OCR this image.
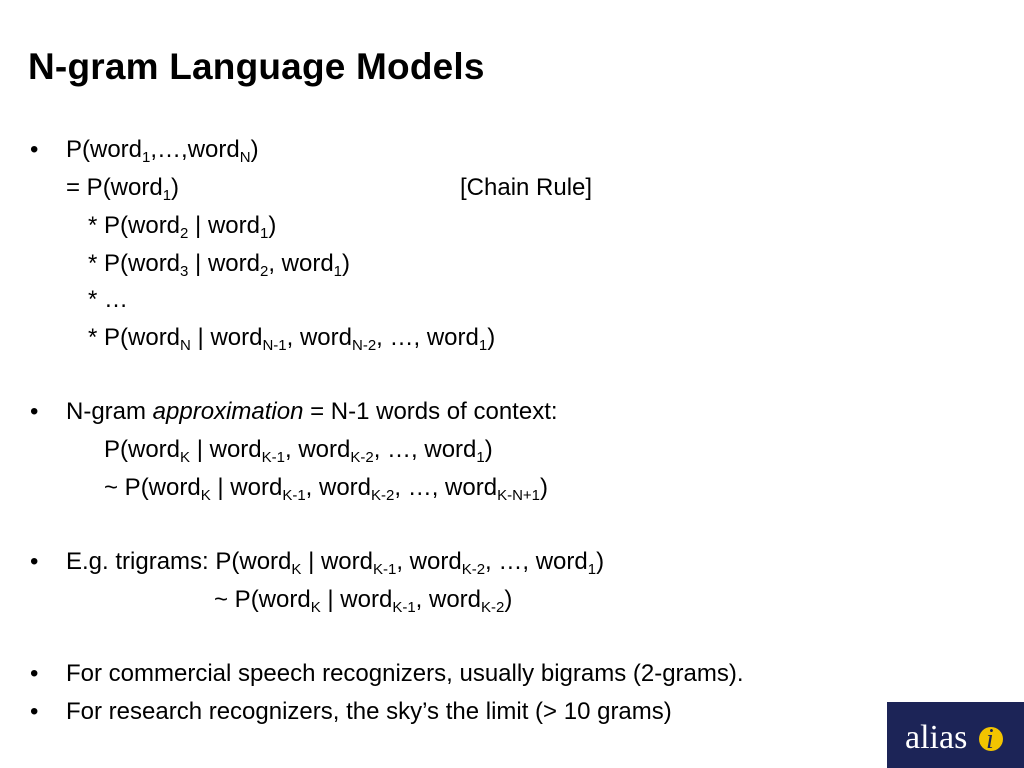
N-gram Language Models
• P(word$_1$,…,word$_N$)
= P(word$_1$)	[Chain Rule]
* P(word$_2$ | word$_1$)
* P(word$_3$ | word$_2$, word$_1$)
* …
* P(word$_N$ | word$_{N-1}$, word$_{N-2}$, …, word$_1$)
• N-gram approximation = N-1 words of context:
P(word$_K$ | word$_{K-1}$, word$_{K-2}$, …, word$_1$)
~ P(word$_K$ | word$_{K-1}$, word$_{K-2}$, …, word$_{K-N+1}$)
• E.g. trigrams: P(word$_K$ | word$_{K-1}$, word$_{K-2}$, …, word$_1$)
~ P(word$_K$ | word$_{K-1}$, word$_{K-2}$)
• For commercial speech recognizers, usually bigrams (2-grams).
• For research recognizers, the sky’s the limit (> 10 grams)
alias i
